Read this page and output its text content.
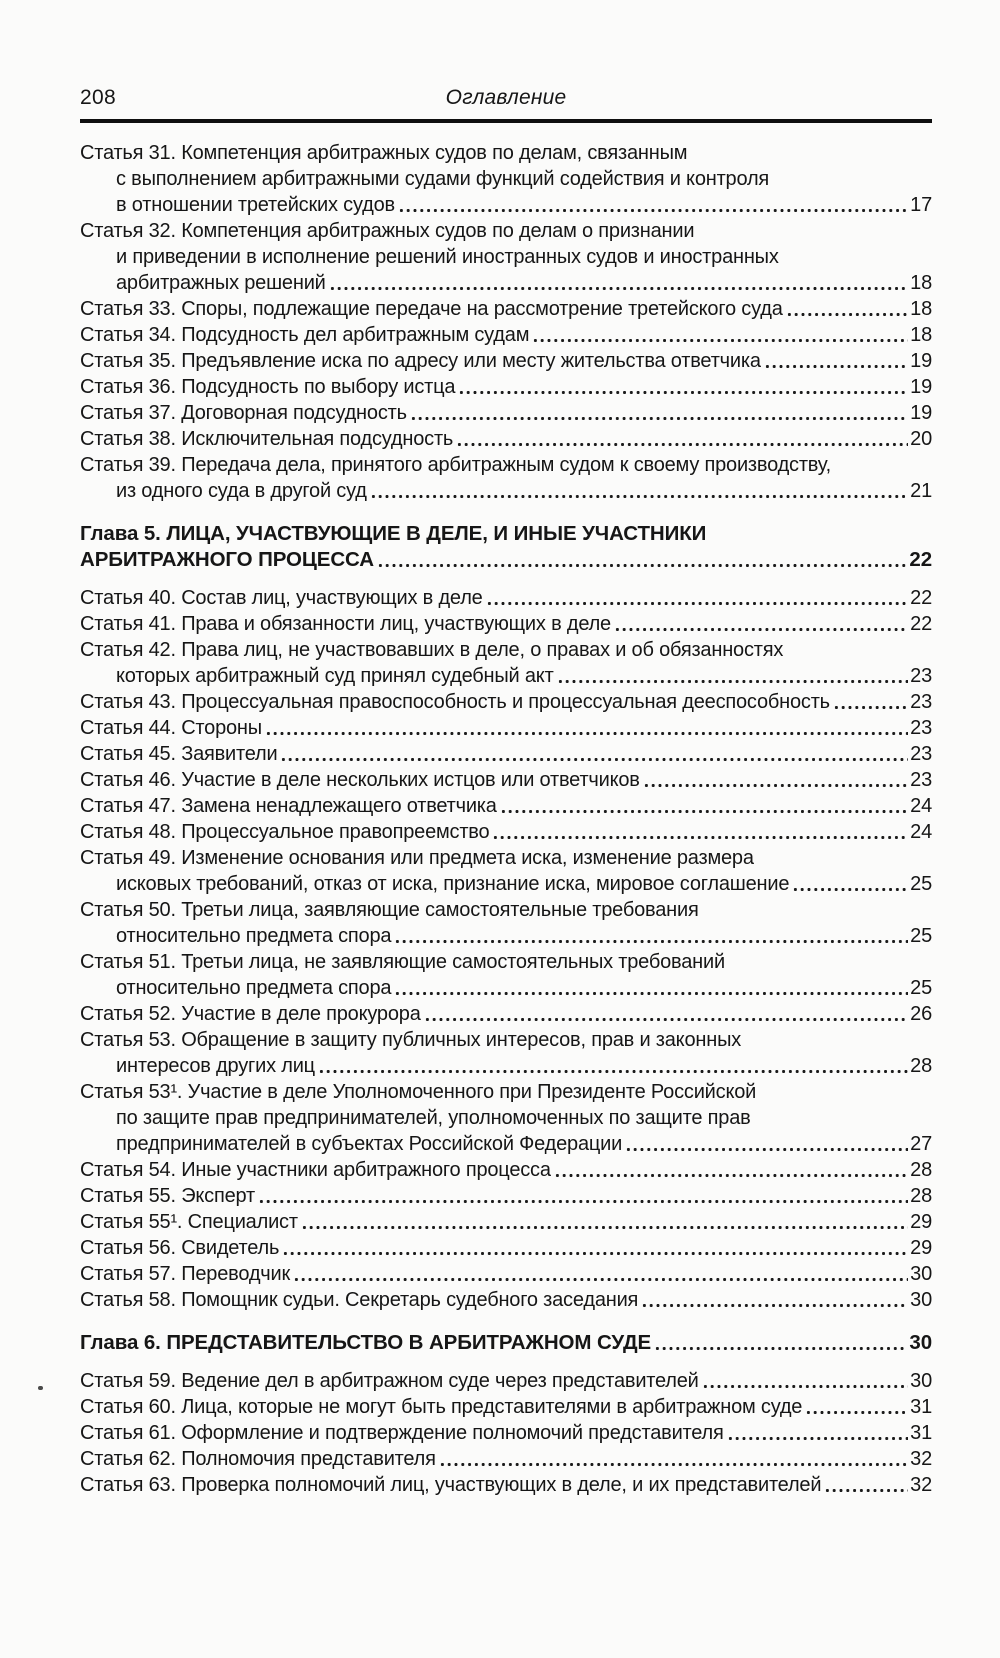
208	Оглавление
Статья 31. Компетенция арбитражных судов по делам, связанным
с выполнением арбитражными судами функций содействия и контроля
в отношении третейских судов	17
Статья 32. Компетенция арбитражных судов по делам о признании
и приведении в исполнение решений иностранных судов и иностранных
арбитражных решений	18
Статья 33. Споры, подлежащие передаче на рассмотрение третейского суда	18
Статья 34. Подсудность дел арбитражным судам	18
Статья 35. Предъявление иска по адресу или месту жительства ответчика	19
Статья 36. Подсудность по выбору истца	19
Статья 37. Договорная подсудность	19
Статья 38. Исключительная подсудность	20
Статья 39. Передача дела, принятого арбитражным судом к своему производству,
из одного суда в другой суд	21
Глава 5. ЛИЦА, УЧАСТВУЮЩИЕ В ДЕЛЕ, И ИНЫЕ УЧАСТНИКИ
АРБИТРАЖНОГО ПРОЦЕССА	22
Статья 40. Состав лиц, участвующих в деле	22
Статья 41. Права и обязанности лиц, участвующих в деле	22
Статья 42. Права лиц, не участвовавших в деле, о правах и об обязанностях
которых арбитражный суд принял судебный акт	23
Статья 43. Процессуальная правоспособность и процессуальная дееспособность	23
Статья 44. Стороны	23
Статья 45. Заявители	23
Статья 46. Участие в деле нескольких истцов или ответчиков	23
Статья 47. Замена ненадлежащего ответчика	24
Статья 48. Процессуальное правопреемство	24
Статья 49. Изменение основания или предмета иска, изменение размера
исковых требований, отказ от иска, признание иска, мировое соглашение	25
Статья 50. Третьи лица, заявляющие самостоятельные требования
относительно предмета спора	25
Статья 51. Третьи лица, не заявляющие самостоятельных требований
относительно предмета спора	25
Статья 52. Участие в деле прокурора	26
Статья 53. Обращение в защиту публичных интересов, прав и законных
интересов других лиц	28
Статья 53¹. Участие в деле Уполномоченного при Президенте Российской
по защите прав предпринимателей, уполномоченных по защите прав
предпринимателей в субъектах Российской Федерации	27
Статья 54. Иные участники арбитражного процесса	28
Статья 55. Эксперт	28
Статья 55¹. Специалист	29
Статья 56. Свидетель	29
Статья 57. Переводчик	30
Статья 58. Помощник судьи. Секретарь судебного заседания	30
Глава 6. ПРЕДСТАВИТЕЛЬСТВО В АРБИТРАЖНОМ СУДЕ	30
Статья 59. Ведение дел в арбитражном суде через представителей	30
Статья 60. Лица, которые не могут быть представителями в арбитражном суде	31
Статья 61. Оформление и подтверждение полномочий представителя	31
Статья 62. Полномочия представителя	32
Статья 63. Проверка полномочий лиц, участвующих в деле, и их представителей	32
